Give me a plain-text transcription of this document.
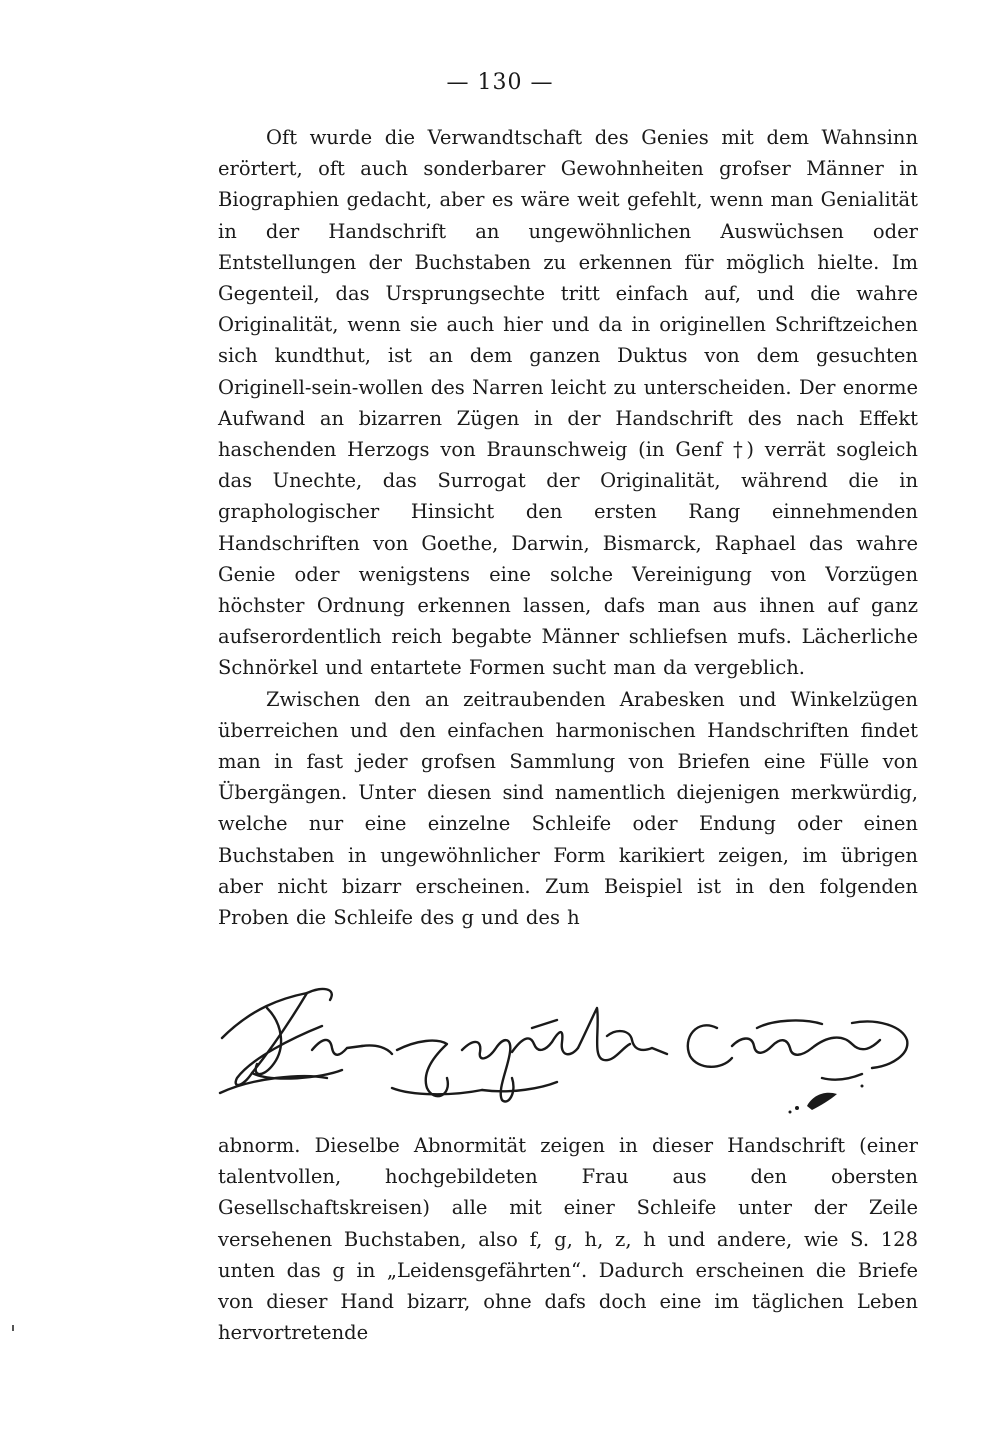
— 130 —

Oft wurde die Verwandtschaft des Genies mit dem Wahnsinn erörtert, oft auch sonderbarer Gewohnheiten grofser Männer in Biographien gedacht, aber es wäre weit gefehlt, wenn man Genialität in der Handschrift an ungewöhnlichen Auswüchsen oder Entstellungen der Buchstaben zu erkennen für möglich hielte. Im Gegenteil, das Ursprungsechte tritt einfach auf, und die wahre Originalität, wenn sie auch hier und da in originellen Schriftzeichen sich kundthut, ist an dem ganzen Duktus von dem gesuchten Originell-sein-wollen des Narren leicht zu unterscheiden. Der enorme Aufwand an bizarren Zügen in der Handschrift des nach Effekt haschenden Herzogs von Braunschweig (in Genf †) verrät sogleich das Unechte, das Surrogat der Originalität, während die in graphologischer Hinsicht den ersten Rang einnehmenden Handschriften von Goethe, Darwin, Bismarck, Raphael das wahre Genie oder wenigstens eine solche Vereinigung von Vorzügen höchster Ordnung erkennen lassen, dafs man aus ihnen auf ganz aufserordentlich reich begabte Männer schliefsen mufs. Lächerliche Schnörkel und entartete Formen sucht man da vergeblich.

Zwischen den an zeitraubenden Arabesken und Winkelzügen überreichen und den einfachen harmonischen Handschriften findet man in fast jeder grofsen Sammlung von Briefen eine Fülle von Übergängen. Unter diesen sind namentlich diejenigen merkwürdig, welche nur eine einzelne Schleife oder Endung oder einen Buchstaben in ungewöhnlicher Form karikiert zeigen, im übrigen aber nicht bizarr erscheinen. Zum Beispiel ist in den folgenden Proben die Schleife des g und des h

abnorm. Dieselbe Abnormität zeigen in dieser Handschrift (einer talentvollen, hochgebildeten Frau aus den obersten Gesellschaftskreisen) alle mit einer Schleife unter der Zeile versehenen Buchstaben, also f, g, h, z, h und andere, wie S. 128 unten das g in „Leidensgefährten“. Dadurch erscheinen die Briefe von dieser Hand bizarr, ohne dafs doch eine im täglichen Leben hervortretende
